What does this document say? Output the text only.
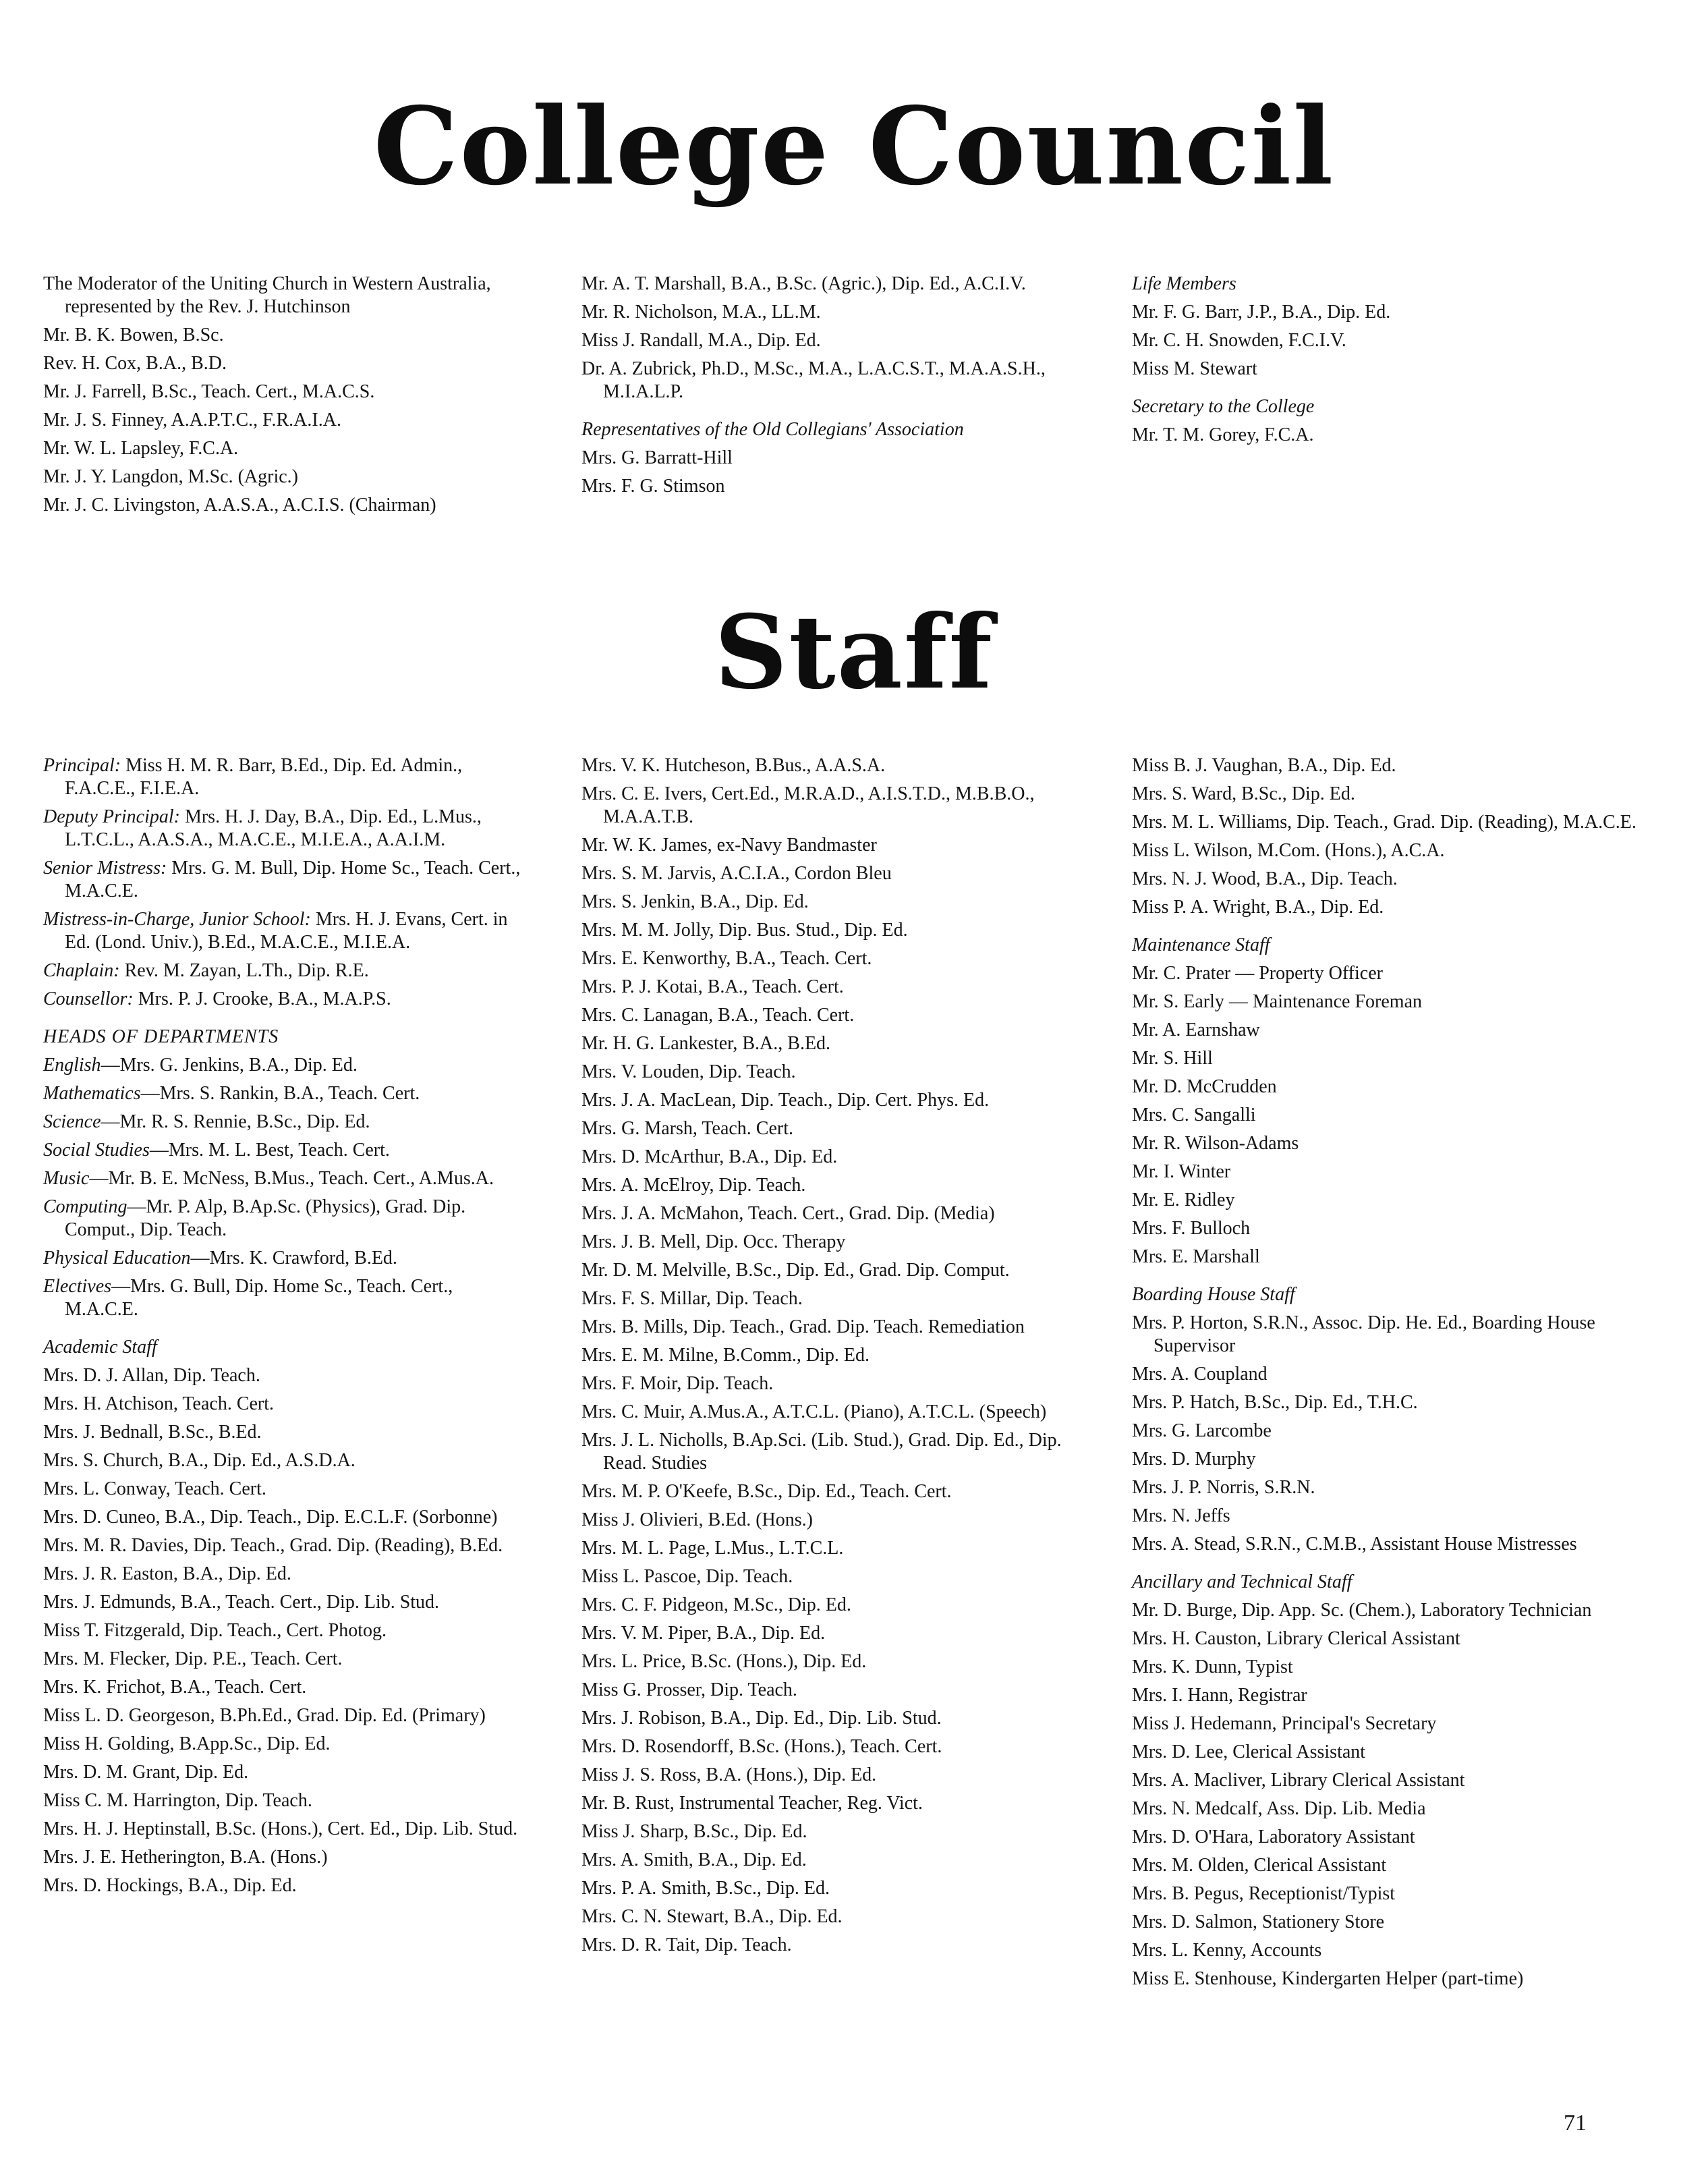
College Council
The Moderator of the Uniting Church in Western Australia, represented by the Rev. J. Hutchinson
Mr. B. K. Bowen, B.Sc.
Rev. H. Cox, B.A., B.D.
Mr. J. Farrell, B.Sc., Teach. Cert., M.A.C.S.
Mr. J. S. Finney, A.A.P.T.C., F.R.A.I.A.
Mr. W. L. Lapsley, F.C.A.
Mr. J. Y. Langdon, M.Sc. (Agric.)
Mr. J. C. Livingston, A.A.S.A., A.C.I.S. (Chairman)
Mr. A. T. Marshall, B.A., B.Sc. (Agric.), Dip. Ed., A.C.I.V.
Mr. R. Nicholson, M.A., LL.M.
Miss J. Randall, M.A., Dip. Ed.
Dr. A. Zubrick, Ph.D., M.Sc., M.A., L.A.C.S.T., M.A.A.S.H., M.I.A.L.P.
Representatives of the Old Collegians' Association
Mrs. G. Barratt-Hill
Mrs. F. G. Stimson
Life Members
Mr. F. G. Barr, J.P., B.A., Dip. Ed.
Mr. C. H. Snowden, F.C.I.V.
Miss M. Stewart
Secretary to the College
Mr. T. M. Gorey, F.C.A.
Staff
Principal: Miss H. M. R. Barr, B.Ed., Dip. Ed. Admin., F.A.C.E., F.I.E.A.
Deputy Principal: Mrs. H. J. Day, B.A., Dip. Ed., L.Mus., L.T.C.L., A.A.S.A., M.A.C.E., M.I.E.A., A.A.I.M.
Senior Mistress: Mrs. G. M. Bull, Dip. Home Sc., Teach. Cert., M.A.C.E.
Mistress-in-Charge, Junior School: Mrs. H. J. Evans, Cert. in Ed. (Lond. Univ.), B.Ed., M.A.C.E., M.I.E.A.
Chaplain: Rev. M. Zayan, L.Th., Dip. R.E.
Counsellor: Mrs. P. J. Crooke, B.A., M.A.P.S.
HEADS OF DEPARTMENTS
English—Mrs. G. Jenkins, B.A., Dip. Ed.
Mathematics—Mrs. S. Rankin, B.A., Teach. Cert.
Science—Mr. R. S. Rennie, B.Sc., Dip. Ed.
Social Studies—Mrs. M. L. Best, Teach. Cert.
Music—Mr. B. E. McNess, B.Mus., Teach. Cert., A.Mus.A.
Computing—Mr. P. Alp, B.Ap.Sc. (Physics), Grad. Dip. Comput., Dip. Teach.
Physical Education—Mrs. K. Crawford, B.Ed.
Electives—Mrs. G. Bull, Dip. Home Sc., Teach. Cert., M.A.C.E.
Academic Staff
Mrs. D. J. Allan, Dip. Teach.
Mrs. H. Atchison, Teach. Cert.
Mrs. J. Bednall, B.Sc., B.Ed.
Mrs. S. Church, B.A., Dip. Ed., A.S.D.A.
Mrs. L. Conway, Teach. Cert.
Mrs. D. Cuneo, B.A., Dip. Teach., Dip. E.C.L.F. (Sorbonne)
Mrs. M. R. Davies, Dip. Teach., Grad. Dip. (Reading), B.Ed.
Mrs. J. R. Easton, B.A., Dip. Ed.
Mrs. J. Edmunds, B.A., Teach. Cert., Dip. Lib. Stud.
Miss T. Fitzgerald, Dip. Teach., Cert. Photog.
Mrs. M. Flecker, Dip. P.E., Teach. Cert.
Mrs. K. Frichot, B.A., Teach. Cert.
Miss L. D. Georgeson, B.Ph.Ed., Grad. Dip. Ed. (Primary)
Miss H. Golding, B.App.Sc., Dip. Ed.
Mrs. D. M. Grant, Dip. Ed.
Miss C. M. Harrington, Dip. Teach.
Mrs. H. J. Heptinstall, B.Sc. (Hons.), Cert. Ed., Dip. Lib. Stud.
Mrs. J. E. Hetherington, B.A. (Hons.)
Mrs. D. Hockings, B.A., Dip. Ed.
Mrs. V. K. Hutcheson, B.Bus., A.A.S.A.
Mrs. C. E. Ivers, Cert.Ed., M.R.A.D., A.I.S.T.D., M.B.B.O., M.A.A.T.B.
Mr. W. K. James, ex-Navy Bandmaster
Mrs. S. M. Jarvis, A.C.I.A., Cordon Bleu
Mrs. S. Jenkin, B.A., Dip. Ed.
Mrs. M. M. Jolly, Dip. Bus. Stud., Dip. Ed.
Mrs. E. Kenworthy, B.A., Teach. Cert.
Mrs. P. J. Kotai, B.A., Teach. Cert.
Mrs. C. Lanagan, B.A., Teach. Cert.
Mr. H. G. Lankester, B.A., B.Ed.
Mrs. V. Louden, Dip. Teach.
Mrs. J. A. MacLean, Dip. Teach., Dip. Cert. Phys. Ed.
Mrs. G. Marsh, Teach. Cert.
Mrs. D. McArthur, B.A., Dip. Ed.
Mrs. A. McElroy, Dip. Teach.
Mrs. J. A. McMahon, Teach. Cert., Grad. Dip. (Media)
Mrs. J. B. Mell, Dip. Occ. Therapy
Mr. D. M. Melville, B.Sc., Dip. Ed., Grad. Dip. Comput.
Mrs. F. S. Millar, Dip. Teach.
Mrs. B. Mills, Dip. Teach., Grad. Dip. Teach. Remediation
Mrs. E. M. Milne, B.Comm., Dip. Ed.
Mrs. F. Moir, Dip. Teach.
Mrs. C. Muir, A.Mus.A., A.T.C.L. (Piano), A.T.C.L. (Speech)
Mrs. J. L. Nicholls, B.Ap.Sci. (Lib. Stud.), Grad. Dip. Ed., Dip. Read. Studies
Mrs. M. P. O'Keefe, B.Sc., Dip. Ed., Teach. Cert.
Miss J. Olivieri, B.Ed. (Hons.)
Mrs. M. L. Page, L.Mus., L.T.C.L.
Miss L. Pascoe, Dip. Teach.
Mrs. C. F. Pidgeon, M.Sc., Dip. Ed.
Mrs. V. M. Piper, B.A., Dip. Ed.
Mrs. L. Price, B.Sc. (Hons.), Dip. Ed.
Miss G. Prosser, Dip. Teach.
Mrs. J. Robison, B.A., Dip. Ed., Dip. Lib. Stud.
Mrs. D. Rosendorff, B.Sc. (Hons.), Teach. Cert.
Miss J. S. Ross, B.A. (Hons.), Dip. Ed.
Mr. B. Rust, Instrumental Teacher, Reg. Vict.
Miss J. Sharp, B.Sc., Dip. Ed.
Mrs. A. Smith, B.A., Dip. Ed.
Mrs. P. A. Smith, B.Sc., Dip. Ed.
Mrs. C. N. Stewart, B.A., Dip. Ed.
Mrs. D. R. Tait, Dip. Teach.
Miss B. J. Vaughan, B.A., Dip. Ed.
Mrs. S. Ward, B.Sc., Dip. Ed.
Mrs. M. L. Williams, Dip. Teach., Grad. Dip. (Reading), M.A.C.E.
Miss L. Wilson, M.Com. (Hons.), A.C.A.
Mrs. N. J. Wood, B.A., Dip. Teach.
Miss P. A. Wright, B.A., Dip. Ed.
Maintenance Staff
Mr. C. Prater — Property Officer
Mr. S. Early — Maintenance Foreman
Mr. A. Earnshaw
Mr. S. Hill
Mr. D. McCrudden
Mrs. C. Sangalli
Mr. R. Wilson-Adams
Mr. I. Winter
Mr. E. Ridley
Mrs. F. Bulloch
Mrs. E. Marshall
Boarding House Staff
Mrs. P. Horton, S.R.N., Assoc. Dip. He. Ed., Boarding House Supervisor
Mrs. A. Coupland
Mrs. P. Hatch, B.Sc., Dip. Ed., T.H.C.
Mrs. G. Larcombe
Mrs. D. Murphy
Mrs. J. P. Norris, S.R.N.
Mrs. N. Jeffs
Mrs. A. Stead, S.R.N., C.M.B., Assistant House Mistresses
Ancillary and Technical Staff
Mr. D. Burge, Dip. App. Sc. (Chem.), Laboratory Technician
Mrs. H. Causton, Library Clerical Assistant
Mrs. K. Dunn, Typist
Mrs. I. Hann, Registrar
Miss J. Hedemann, Principal's Secretary
Mrs. D. Lee, Clerical Assistant
Mrs. A. Macliver, Library Clerical Assistant
Mrs. N. Medcalf, Ass. Dip. Lib. Media
Mrs. D. O'Hara, Laboratory Assistant
Mrs. M. Olden, Clerical Assistant
Mrs. B. Pegus, Receptionist/Typist
Mrs. D. Salmon, Stationery Store
Mrs. L. Kenny, Accounts
Miss E. Stenhouse, Kindergarten Helper (part-time)
71
